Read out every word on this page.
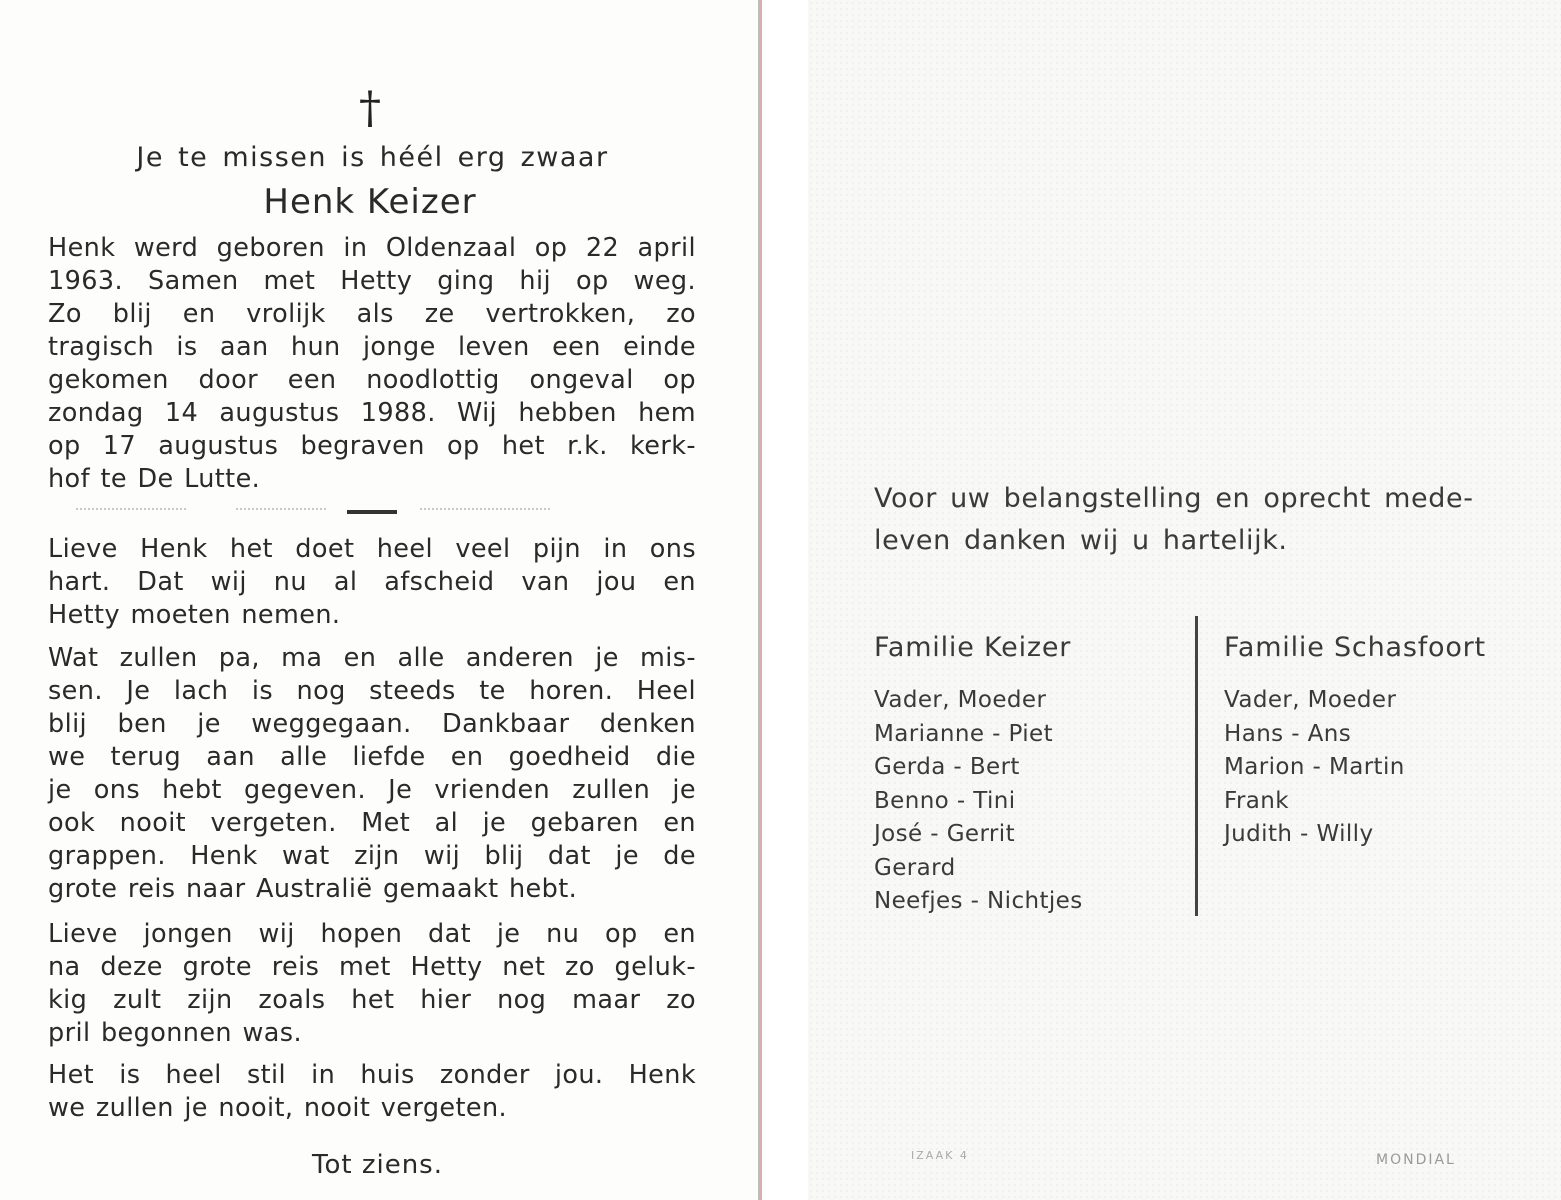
†
Je te missen is héél erg zwaar
Henk Keizer
Henk werd geboren in Oldenzaal op 22 april
1963. Samen met Hetty ging hij op weg.
Zo blij en vrolijk als ze vertrokken, zo
tragisch is aan hun jonge leven een einde
gekomen door een noodlottig ongeval op
zondag 14 augustus 1988. Wij hebben hem
op 17 augustus begraven op het r.k. kerk-
hof te De Lutte.
Lieve Henk het doet heel veel pijn in ons
hart. Dat wij nu al afscheid van jou en
Hetty moeten nemen.
Wat zullen pa, ma en alle anderen je mis-
sen. Je lach is nog steeds te horen. Heel
blij ben je weggegaan. Dankbaar denken
we terug aan alle liefde en goedheid die
je ons hebt gegeven. Je vrienden zullen je
ook nooit vergeten. Met al je gebaren en
grappen. Henk wat zijn wij blij dat je de
grote reis naar Australië gemaakt hebt.
Lieve jongen wij hopen dat je nu op en
na deze grote reis met Hetty net zo geluk-
kig zult zijn zoals het hier nog maar zo
pril begonnen was.
Het is heel stil in huis zonder jou. Henk
we zullen je nooit, nooit vergeten.
Tot ziens.
Voor uw belangstelling en oprecht mede-
leven danken wij u hartelijk.
Familie Keizer
Vader, Moeder
Marianne - Piet
Gerda - Bert
Benno - Tini
José - Gerrit
Gerard
Neefjes - Nichtjes
Familie Schasfoort
Vader, Moeder
Hans - Ans
Marion - Martin
Frank
Judith - Willy
IZAAK 4	MONDIAL
